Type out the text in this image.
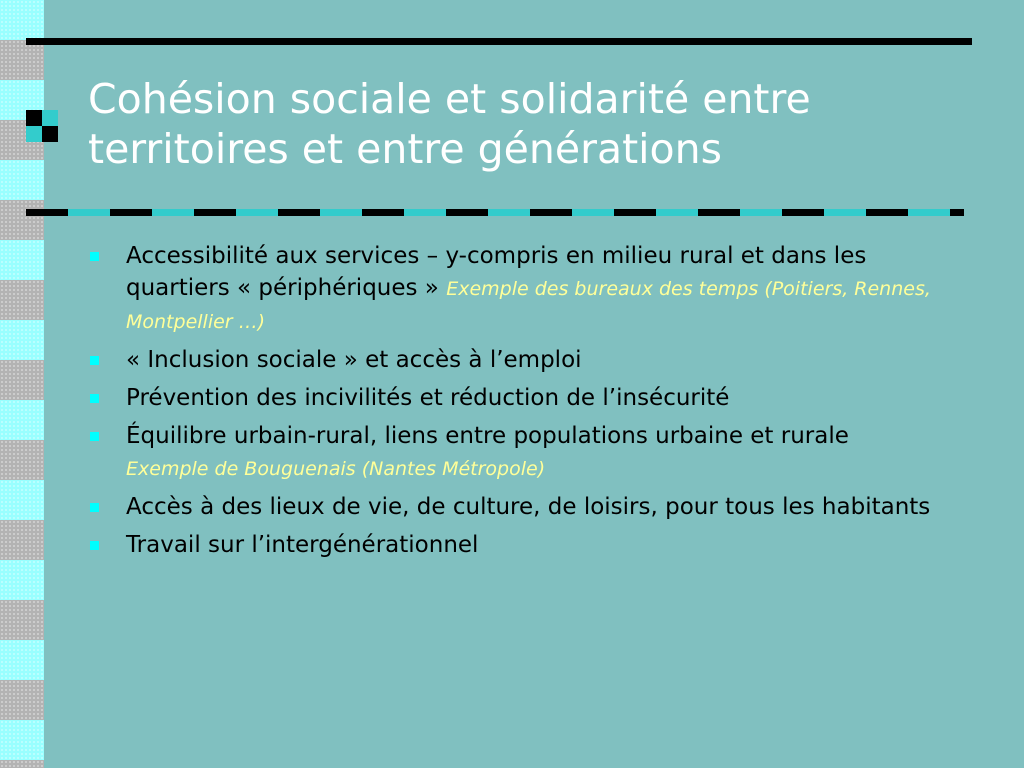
Cohésion sociale et solidarité entre
territoires et entre générations
Accessibilité aux services – y-compris en milieu rural et dans les quartiers « périphériques » Exemple des bureaux des temps (Poitiers, Rennes, Montpellier …)
« Inclusion sociale » et accès à l’emploi
Prévention des incivilités et réduction de l’insécurité
Équilibre urbain-rural, liens entre populations urbaine et rurale Exemple de Bouguenais (Nantes Métropole)
Accès à des lieux de vie, de culture, de loisirs, pour tous les habitants
Travail sur l’intergénérationnel
